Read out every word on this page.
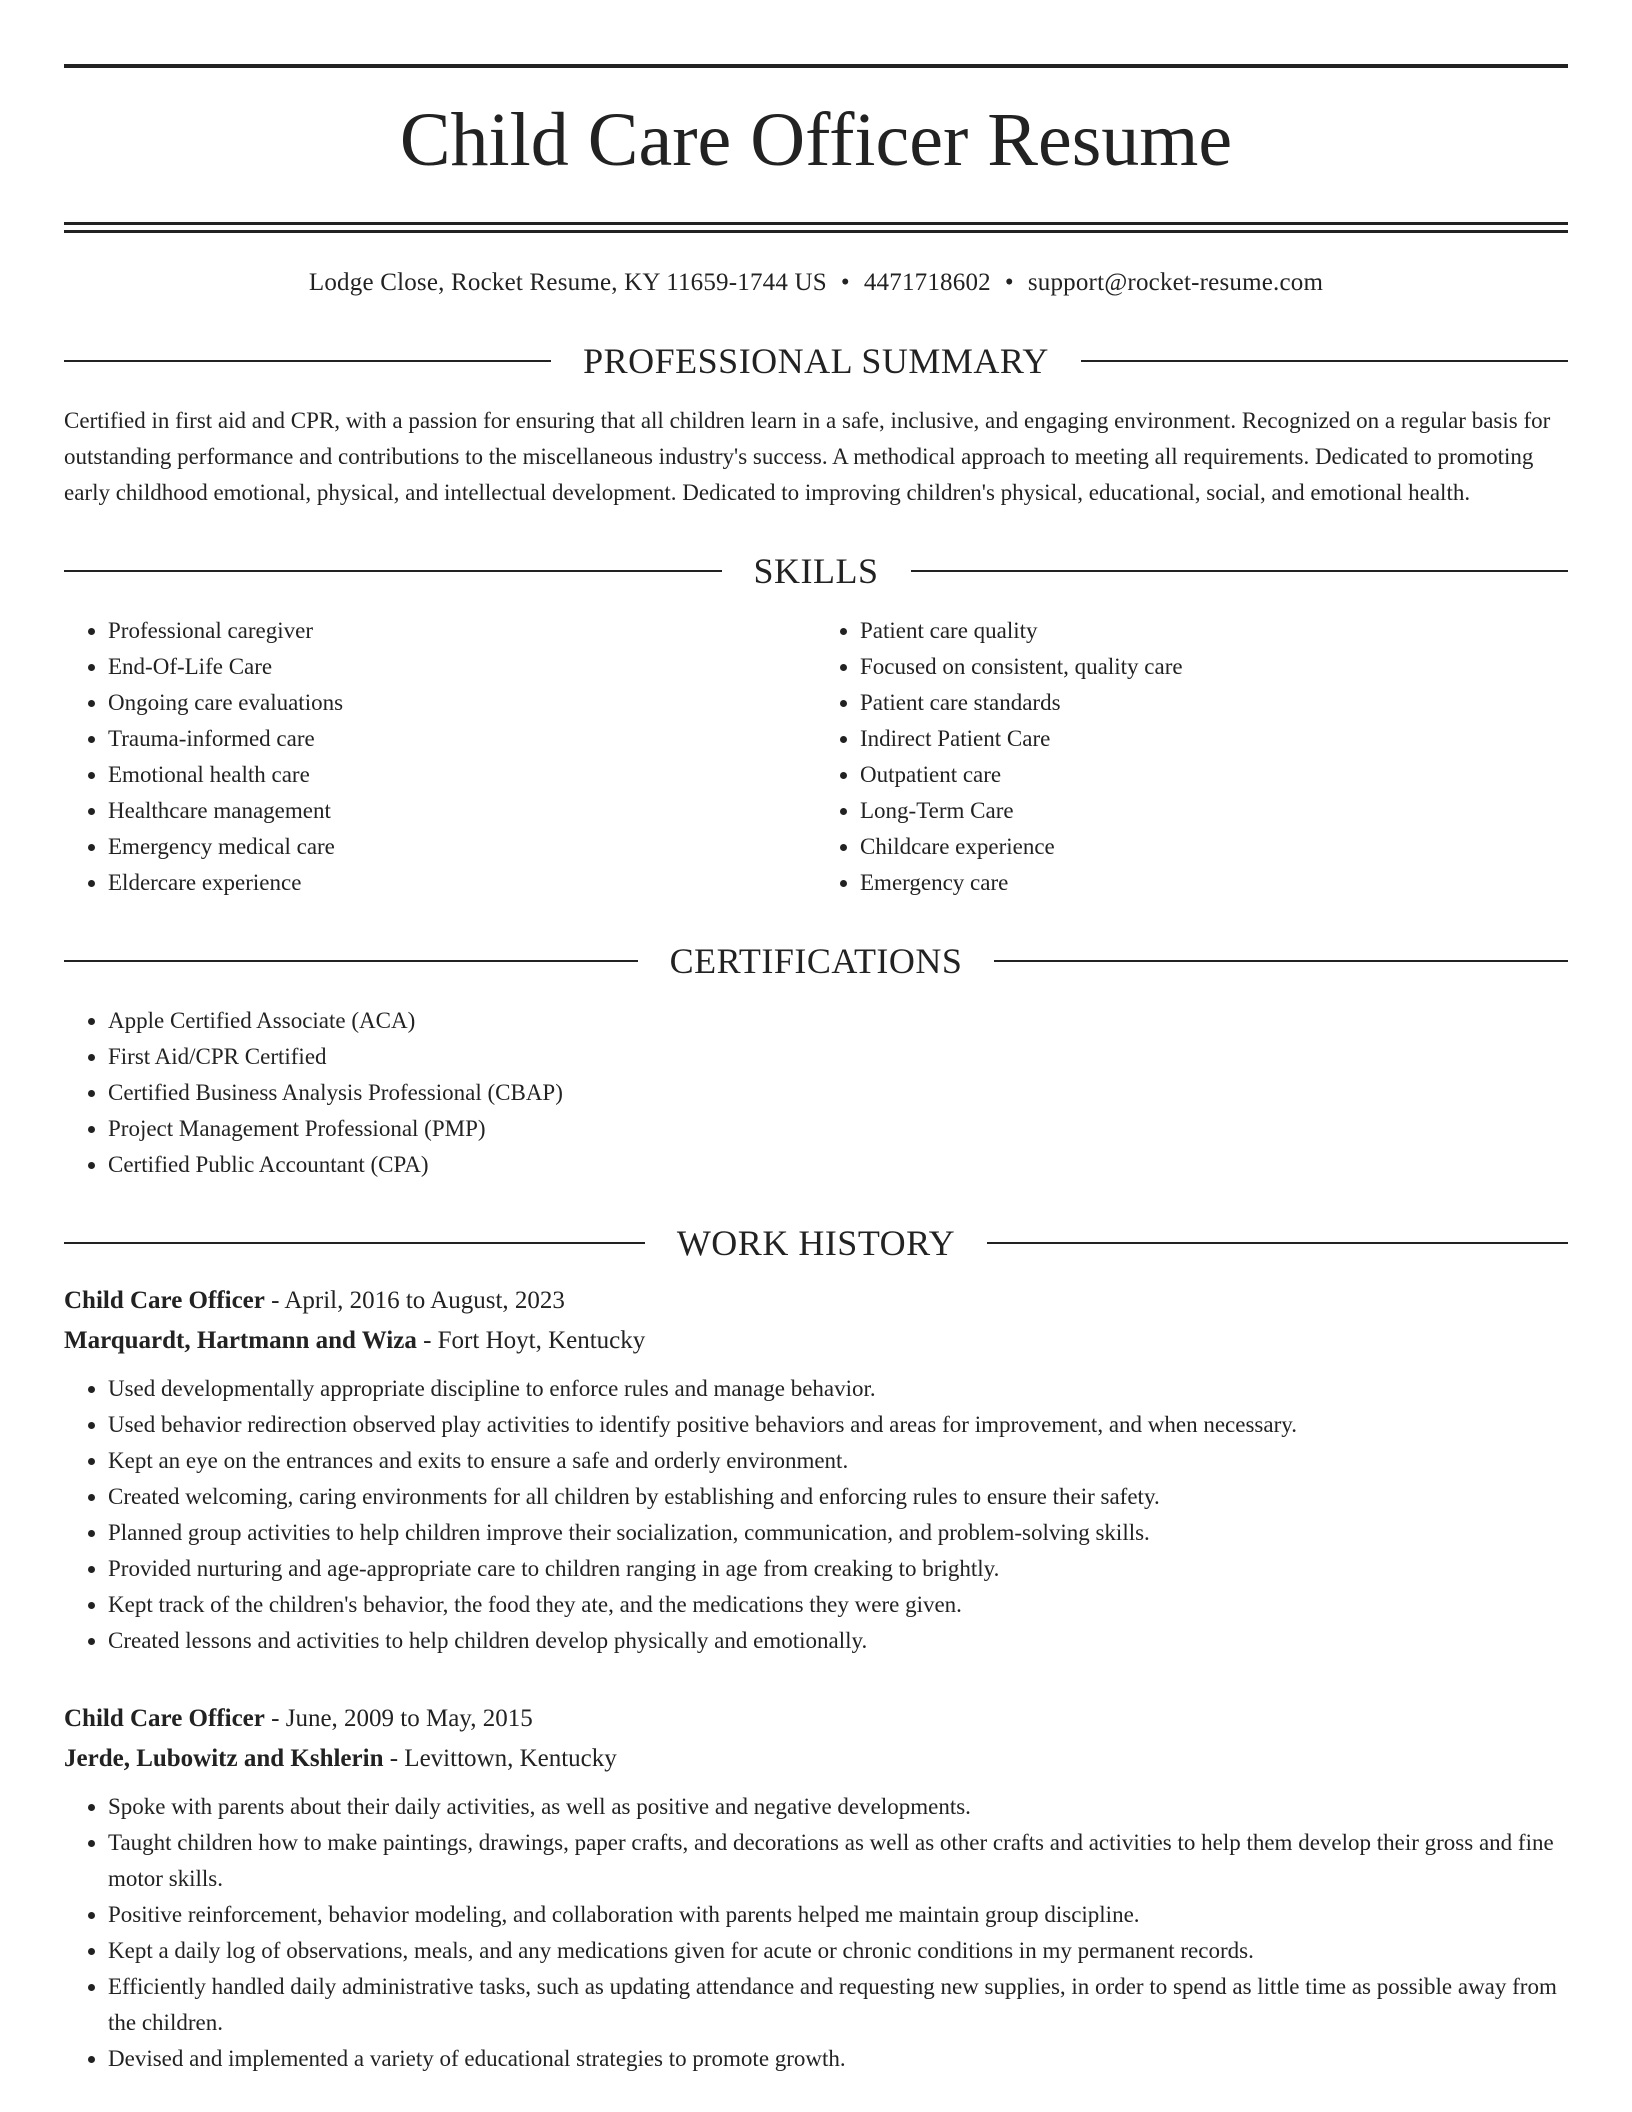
Child Care Officer Resume
Lodge Close, Rocket Resume, KY 11659-1744 US • 4471718602 • support@rocket-resume.com
PROFESSIONAL SUMMARY
Certified in first aid and CPR, with a passion for ensuring that all children learn in a safe, inclusive, and engaging environment. Recognized on a regular basis for outstanding performance and contributions to the miscellaneous industry's success. A methodical approach to meeting all requirements. Dedicated to promoting early childhood emotional, physical, and intellectual development. Dedicated to improving children's physical, educational, social, and emotional health.
SKILLS
• Professional caregiver
• End-Of-Life Care
• Ongoing care evaluations
• Trauma-informed care
• Emotional health care
• Healthcare management
• Emergency medical care
• Eldercare experience
• Patient care quality
• Focused on consistent, quality care
• Patient care standards
• Indirect Patient Care
• Outpatient care
• Long-Term Care
• Childcare experience
• Emergency care
CERTIFICATIONS
• Apple Certified Associate (ACA)
• First Aid/CPR Certified
• Certified Business Analysis Professional (CBAP)
• Project Management Professional (PMP)
• Certified Public Accountant (CPA)
WORK HISTORY
Child Care Officer - April, 2016 to August, 2023
Marquardt, Hartmann and Wiza - Fort Hoyt, Kentucky
• Used developmentally appropriate discipline to enforce rules and manage behavior.
• Used behavior redirection observed play activities to identify positive behaviors and areas for improvement, and when necessary.
• Kept an eye on the entrances and exits to ensure a safe and orderly environment.
• Created welcoming, caring environments for all children by establishing and enforcing rules to ensure their safety.
• Planned group activities to help children improve their socialization, communication, and problem-solving skills.
• Provided nurturing and age-appropriate care to children ranging in age from creaking to brightly.
• Kept track of the children's behavior, the food they ate, and the medications they were given.
• Created lessons and activities to help children develop physically and emotionally.
Child Care Officer - June, 2009 to May, 2015
Jerde, Lubowitz and Kshlerin - Levittown, Kentucky
• Spoke with parents about their daily activities, as well as positive and negative developments.
• Taught children how to make paintings, drawings, paper crafts, and decorations as well as other crafts and activities to help them develop their gross and fine motor skills.
• Positive reinforcement, behavior modeling, and collaboration with parents helped me maintain group discipline.
• Kept a daily log of observations, meals, and any medications given for acute or chronic conditions in my permanent records.
• Efficiently handled daily administrative tasks, such as updating attendance and requesting new supplies, in order to spend as little time as possible away from the children.
• Devised and implemented a variety of educational strategies to promote growth.
